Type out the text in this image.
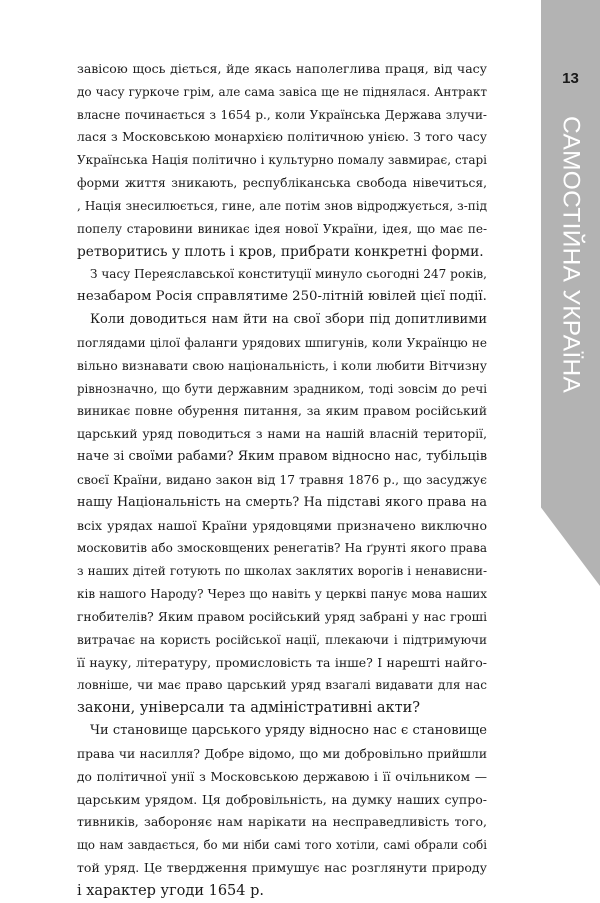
13
САМОСТІЙНА УКРАЇНА
завісою щось діється, йде якась наполеглива праця, від часу
до часу гуркоче грім, але сама завіса ще не піднялася. Антракт
власне починається з 1654 р., коли Українська Держава злучи-
лася з Московською монархією політичною унією. З того часу
Українська Нація політично і культурно помалу завмирає, старі
форми життя зникають, республіканська свобода нівечиться,
, Нація знесилюється, гине, але потім знов відроджується, з-під
попелу старовини виникає ідея нової України, ідея, що має пе-
ретворитись у плоть і кров, прибрати конкретні форми.
З часу Переяславської конституції минуло сьогодні 247 років,
незабаром Росія справлятиме 250-літній ювілей цієї події.
Коли доводиться нам йти на свої збори під допитливими
поглядами цілої фаланги урядових шпигунів, коли Українцю не
вільно визнавати свою національність, і коли любити Вітчизну
рівнозначно, що бути державним зрадником, тоді зовсім до речі
виникає повне обурення питання, за яким правом російський
царський уряд поводиться з нами на нашій власній території,
наче зі своїми рабами? Яким правом відносно нас, тубільців
своєї Країни, видано закон від 17 травня 1876 р., що засуджує
нашу Національність на смерть? На підставі якого права на
всіх урядах нашої Країни урядовцями призначено виключно
московитів або змосковщених ренегатів? На ґрунті якого права
з наших дітей готують по школах заклятих ворогів і ненависни-
ків нашого Народу? Через що навіть у церкві панує мова наших
гнобителів? Яким правом російський уряд забрані у нас гроші
витрачає на користь російської нації, плекаючи і підтримуючи
її науку, літературу, промисловість та інше? І нарешті найго-
ловніше, чи має право царський уряд взагалі видавати для нас
закони, універсали та адміністративні акти?
Чи становище царського уряду відносно нас є становище
права чи насилля? Добре відомо, що ми добровільно прийшли
до політичної унії з Московською державою і її очільником —
царським урядом. Ця добровільність, на думку наших супро-
тивників, забороняє нам нарікати на несправедливість того,
що нам завдається, бо ми ніби самі того хотіли, самі обрали собі
той уряд. Це твердження примушує нас розглянути природу
і характер угоди 1654 р.
